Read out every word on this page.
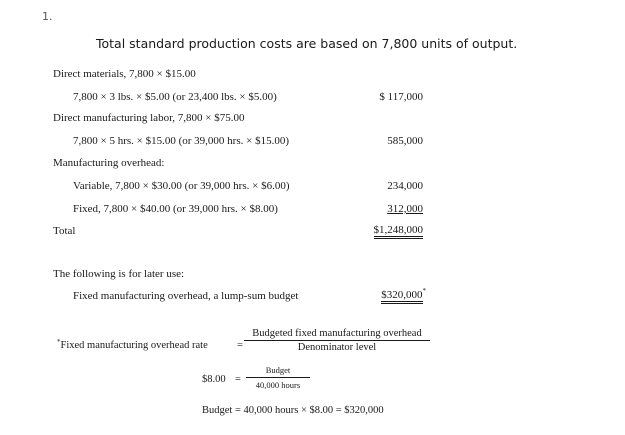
1.
Total standard production costs are based on 7,800 units of output.
Direct materials, 7,800 × $15.00
7,800 × 3 lbs. × $5.00 (or 23,400 lbs. × $5.00)	$ 117,000
Direct manufacturing labor, 7,800 × $75.00
7,800 × 5 hrs. × $15.00 (or 39,000 hrs. × $15.00)	585,000
Manufacturing overhead:
Variable, 7,800 × $30.00 (or 39,000 hrs. × $6.00)	234,000
Fixed, 7,800 × $40.00 (or 39,000 hrs. × $8.00)	312,000
Total	$1,248,000
The following is for later use:
Fixed manufacturing overhead, a lump-sum budget	$320,000*
*Fixed manufacturing overhead rate	=
Budgeted fixed manufacturing overhead
Denominator level
$8.00 =
Budget
40,000 hours
Budget = 40,000 hours × $8.00 = $320,000
